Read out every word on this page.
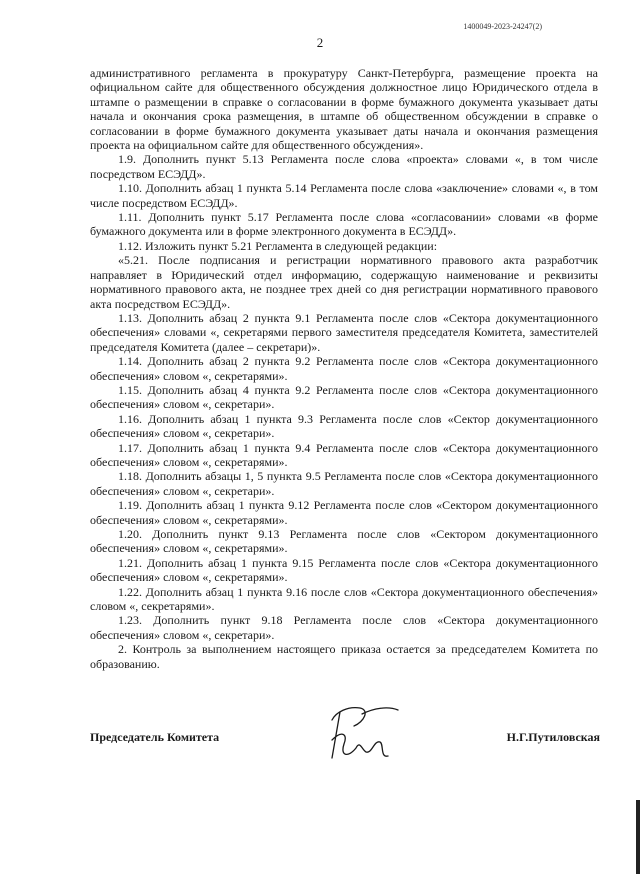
1400049-2023-24247(2)
2

административного регламента в прокуратуру Санкт-Петербурга, размещение проекта на официальном сайте для общественного обсуждения должностное лицо Юридического отдела в штампе о размещении в справке о согласовании в форме бумажного документа указывает даты начала и окончания срока размещения, в штампе об общественном обсуждении в справке о согласовании в форме бумажного документа указывает даты начала и окончания размещения проекта на официальном сайте для общественного обсуждения».

1.9. Дополнить пункт 5.13 Регламента после слова «проекта» словами «, в том числе посредством ЕСЭДД».

1.10. Дополнить абзац 1 пункта 5.14 Регламента после слова «заключение» словами «, в том числе посредством ЕСЭДД».

1.11. Дополнить пункт 5.17 Регламента после слова «согласовании» словами «в форме бумажного документа или в форме электронного документа в ЕСЭДД».

1.12. Изложить пункт 5.21 Регламента в следующей редакции:

«5.21. После подписания и регистрации нормативного правового акта разработчик направляет в Юридический отдел информацию, содержащую наименование и реквизиты нормативного правового акта, не позднее трех дней со дня регистрации нормативного правового акта посредством ЕСЭДД».

1.13. Дополнить абзац 2 пункта 9.1 Регламента после слов «Сектора документационного обеспечения» словами «, секретарями первого заместителя председателя Комитета, заместителей председателя Комитета (далее – секретари)».

1.14. Дополнить абзац 2 пункта 9.2 Регламента после слов «Сектора документационного обеспечения» словом «, секретарями».

1.15. Дополнить абзац 4 пункта 9.2 Регламента после слов «Сектора документационного обеспечения» словом «, секретари».

1.16. Дополнить абзац 1 пункта 9.3 Регламента после слов «Сектор документационного обеспечения» словом «, секретари».

1.17. Дополнить абзац 1 пункта 9.4 Регламента после слов «Сектора документационного обеспечения» словом «, секретарями».

1.18. Дополнить абзацы 1, 5 пункта 9.5 Регламента после слов «Сектора документационного обеспечения» словом «, секретари».

1.19. Дополнить абзац 1 пункта 9.12 Регламента после слов «Сектором документационного обеспечения» словом «, секретарями».

1.20. Дополнить пункт 9.13 Регламента после слов «Сектором документационного обеспечения» словом «, секретарями».

1.21. Дополнить абзац 1 пункта 9.15 Регламента после слов «Сектора документационного обеспечения» словом «, секретарями».

1.22. Дополнить абзац 1 пункта 9.16 после слов «Сектора документационного обеспечения» словом «, секретарями».

1.23. Дополнить пункт 9.18 Регламента после слов «Сектора документационного обеспечения» словом «, секретари».

2. Контроль за выполнением настоящего приказа остается за председателем Комитета по образованию.

Председатель Комитета	Н.Г.Путиловская
